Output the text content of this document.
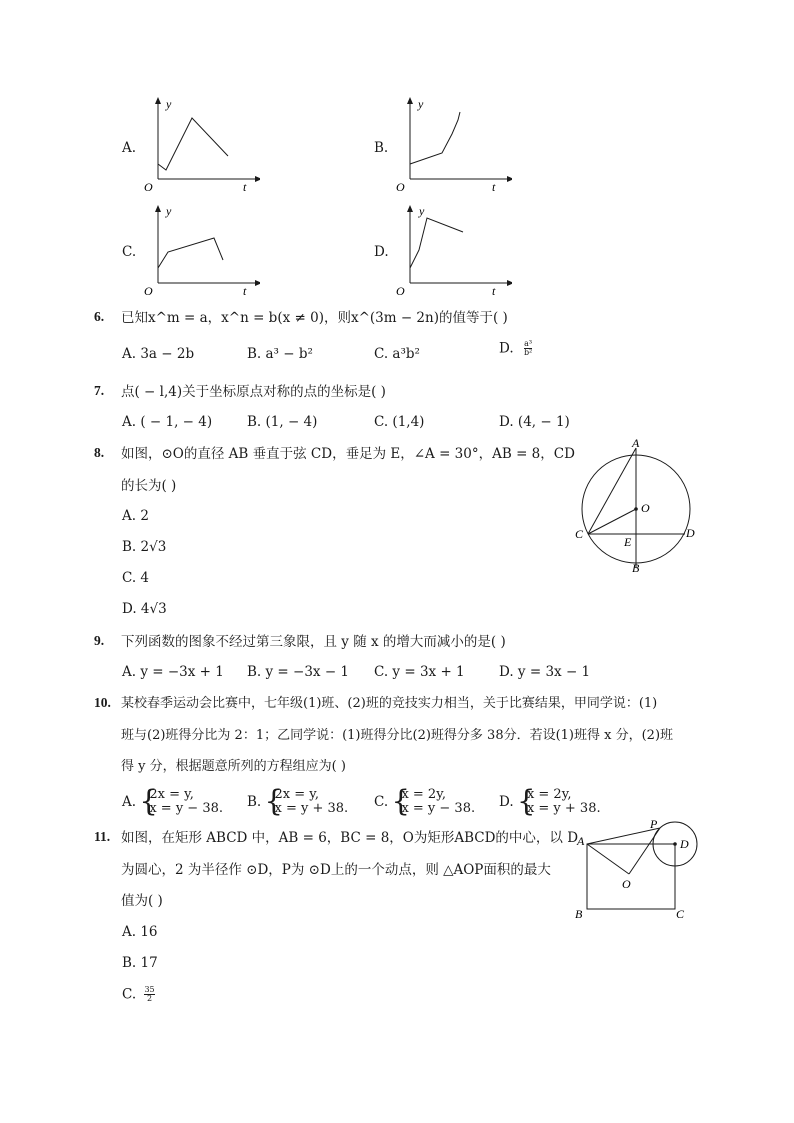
A.
y
t
O
B.
y
t
O
C.
y
t
O
D.
y
t
O
6. 已知x^m = a，x^n = b(x ≠ 0)，则x^(3m − 2n)的值等于( )
A. 3a − 2b	B. a³ − b²	C. a³b²	D. $\frac{\text{a³}}{\text{b²}}$
7. 点( − l,4)关于坐标原点对称的点的坐标是( )
A. ( − 1, − 4)	B. (1, − 4)	C. (1,4)	D. (4, − 1)
8. 如图，⊙O的直径 AB 垂直于弦 CD，垂足为 E，∠A = 30°，AB = 8，CD
的长为( )
A. 2
B. 2√3
C. 4
D. 4√3
A
B
C	D
O
E
9. 下列函数的图象不经过第三象限，且 y 随 x 的增大而减小的是( )
A. y = −3x + 1 B. y = −3x − 1 C. y = 3x + 1	D. y = 3x − 1
10. 某校春季运动会比赛中，七年级(1)班、(2)班的竞技实力相当，关于比赛结果，甲同学说：(1)
班与(2)班得分比为 2：1；乙同学说：(1)班得分比(2)班得分多 38分．若设(1)班得 x 分，(2)班
得 y 分，根据题意所列的方程组应为( )
A. { 2x = y,
x = y − 38. B. { 2x = y,
x = y + 38. C. { x = 2y,
x = y − 38. D. { x = 2y,
x = y + 38.
11. 如图，在矩形 ABCD 中，AB = 6，BC = 8，O为矩形ABCD的中心，以 D
为圆心，2 为半径作 ⊙D，P为 ⊙D上的一个动点，则 △AOP面积的最大
值为( )
A. 16
B. 17
C. $\frac{35}{2}$
A
B	C
D
O
P
